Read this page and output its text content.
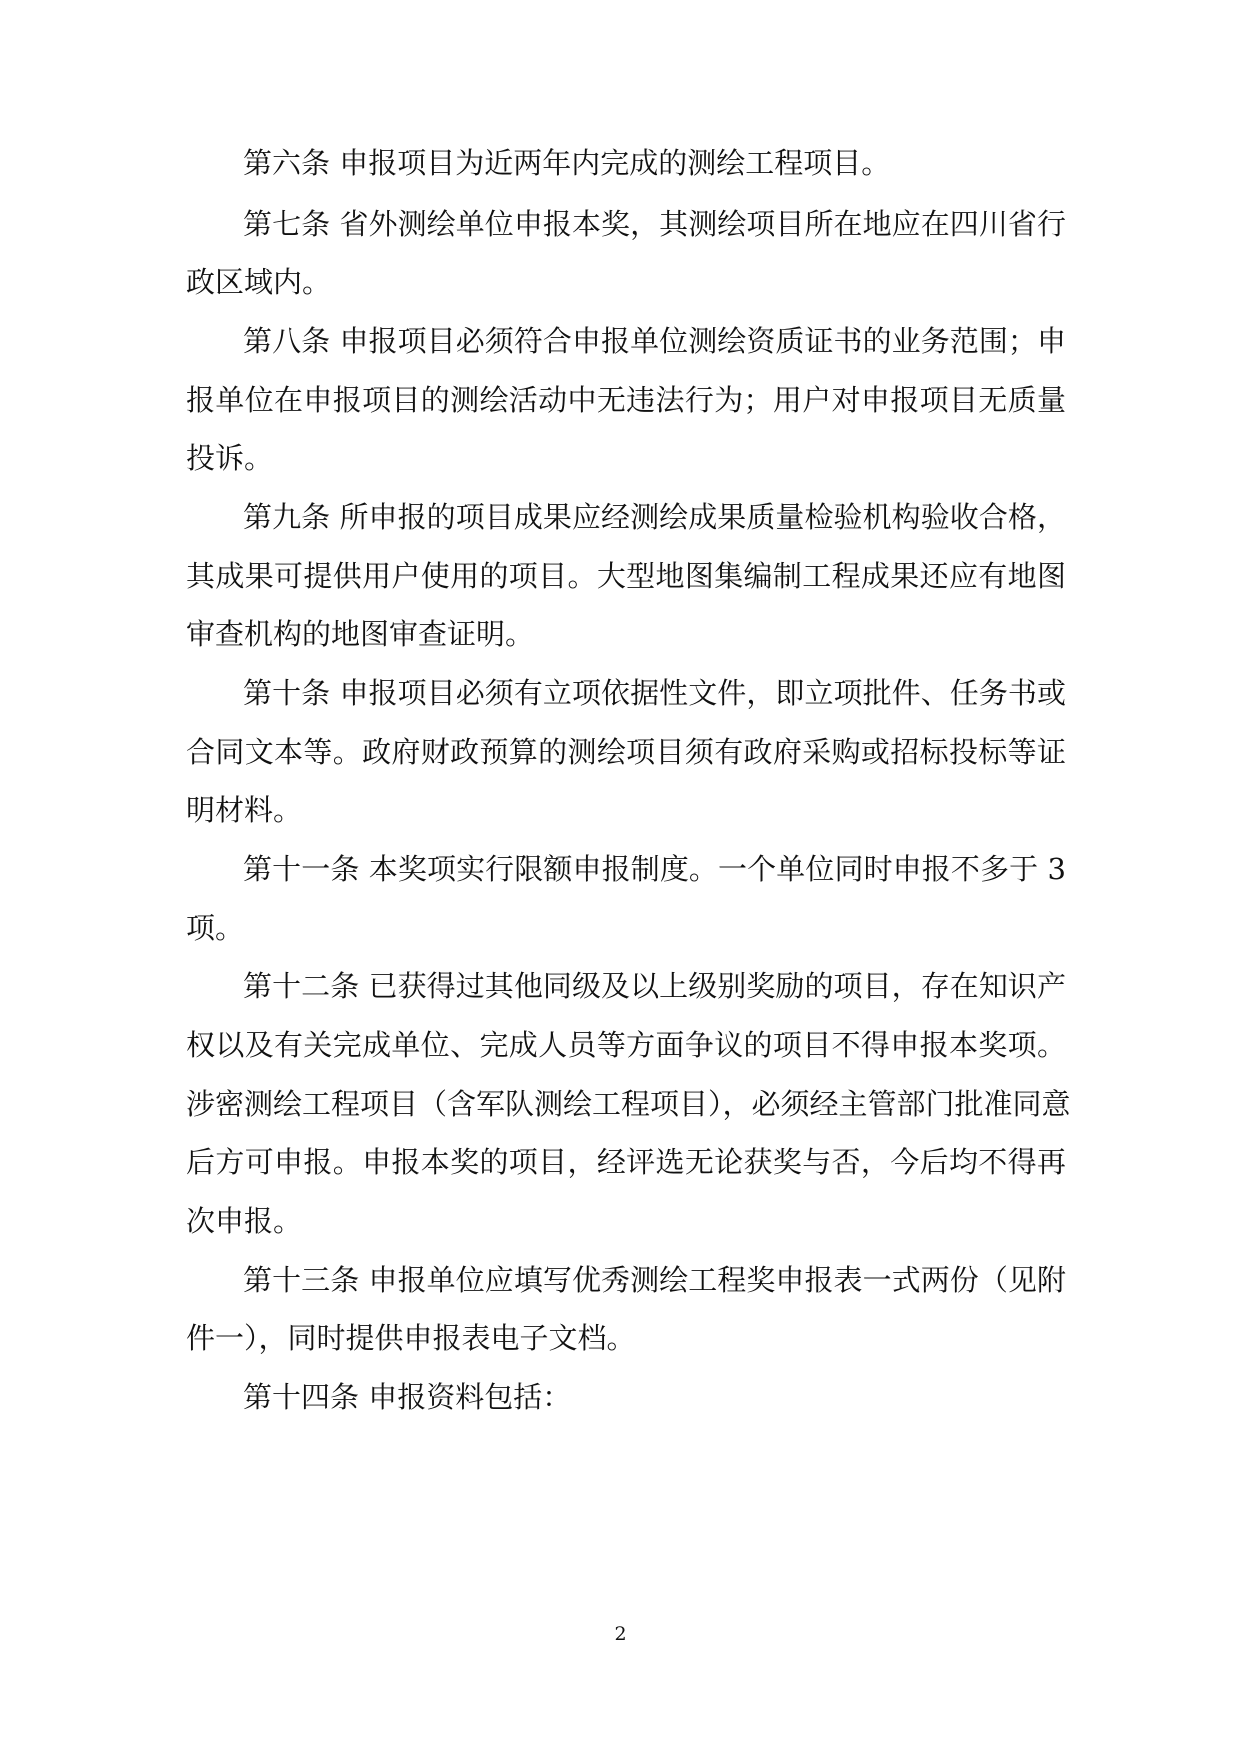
第六条 申报项目为近两年内完成的测绘工程项目。
第七条 省外测绘单位申报本奖，其测绘项目所在地应在四川省行
政区域内。
第八条 申报项目必须符合申报单位测绘资质证书的业务范围；申
报单位在申报项目的测绘活动中无违法行为；用户对申报项目无质量
投诉。
第九条 所申报的项目成果应经测绘成果质量检验机构验收合格，
其成果可提供用户使用的项目。大型地图集编制工程成果还应有地图
审查机构的地图审查证明。
第十条 申报项目必须有立项依据性文件，即立项批件、任务书或
合同文本等。政府财政预算的测绘项目须有政府采购或招标投标等证
明材料。
第十一条 本奖项实行限额申报制度。一个单位同时申报不多于 3
项。
第十二条 已获得过其他同级及以上级别奖励的项目，存在知识产
权以及有关完成单位、完成人员等方面争议的项目不得申报本奖项。
涉密测绘工程项目（含军队测绘工程项目），必须经主管部门批准同意
后方可申报。申报本奖的项目，经评选无论获奖与否，今后均不得再
次申报。
第十三条 申报单位应填写优秀测绘工程奖申报表一式两份（见附
件一），同时提供申报表电子文档。
第十四条 申报资料包括：
2
